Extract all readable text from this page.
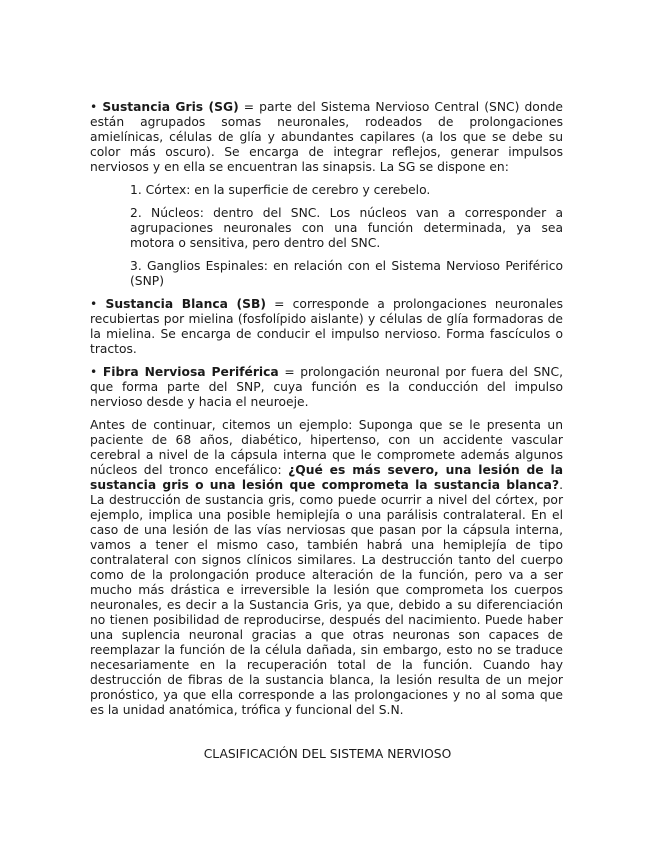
• Sustancia Gris (SG) = parte del Sistema Nervioso Central (SNC) donde están agrupados somas neuronales, rodeados de prolongaciones amielínicas, células de glía y abundantes capilares (a los que se debe su color más oscuro). Se encarga de integrar reflejos, generar impulsos nerviosos y en ella se encuentran las sinapsis. La SG se dispone en:

1. Córtex: en la superficie de cerebro y cerebelo.

2. Núcleos: dentro del SNC. Los núcleos van a corresponder a agrupaciones neuronales con una función determinada, ya sea motora o sensitiva, pero dentro del SNC.

3. Ganglios Espinales: en relación con el Sistema Nervioso Periférico (SNP)

• Sustancia Blanca (SB) = corresponde a prolongaciones neuronales recubiertas por mielina (fosfolípido aislante) y células de glía formadoras de la mielina. Se encarga de conducir el impulso nervioso. Forma fascículos o tractos.

• Fibra Nerviosa Periférica = prolongación neuronal por fuera del SNC, que forma parte del SNP, cuya función es la conducción del impulso nervioso desde y hacia el neuroeje.

Antes de continuar, citemos un ejemplo: Suponga que se le presenta un paciente de 68 años, diabético, hipertenso, con un accidente vascular cerebral a nivel de la cápsula interna que le compromete además algunos núcleos del tronco encefálico: ¿Qué es más severo, una lesión de la sustancia gris o una lesión que comprometa la sustancia blanca?. La destrucción de sustancia gris, como puede ocurrir a nivel del córtex, por ejemplo, implica una posible hemiplejía o una parálisis contralateral. En el caso de una lesión de las vías nerviosas que pasan por la cápsula interna, vamos a tener el mismo caso, también habrá una hemiplejía de tipo contralateral con signos clínicos similares. La destrucción tanto del cuerpo como de la prolongación produce alteración de la función, pero va a ser mucho más drástica e irreversible la lesión que comprometa los cuerpos neuronales, es decir a la Sustancia Gris, ya que, debido a su diferenciación no tienen posibilidad de reproducirse, después del nacimiento. Puede haber una suplencia neuronal gracias a que otras neuronas son capaces de reemplazar la función de la célula dañada, sin embargo, esto no se traduce necesariamente en la recuperación total de la función. Cuando hay destrucción de fibras de la sustancia blanca, la lesión resulta de un mejor pronóstico, ya que ella corresponde a las prolongaciones y no al soma que es la unidad anatómica, trófica y funcional del S.N.

CLASIFICACIÓN DEL SISTEMA NERVIOSO
